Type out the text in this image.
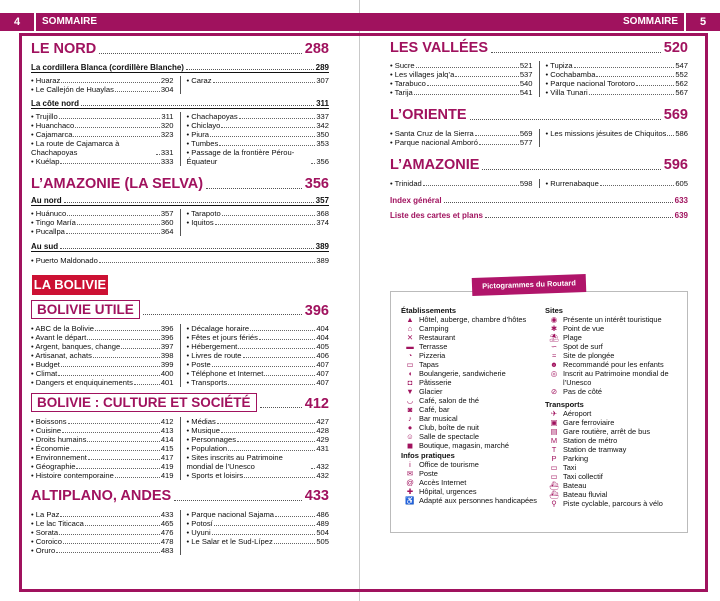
4	SOMMAIRE
LE NORD	288
La cordillera Blanca (cordillère Blanche)	289
• Huaraz	292
• Le Callejón de Huaylas	304
• Caraz	307
La côte nord	311
• Trujillo	311
• Huanchaco	320
• Cajamarca	323
• La route de Cajamarca à Chachapoyas	331
• Kuélap	333
• Chachapoyas	337
• Chiclayo	342
• Piura	350
• Tumbes	353
• Passage de la frontière Pérou-Équateur	356
L’AMAZONIE (LA SELVA)	356
Au nord	357
• Huánuco	357
• Tingo María	360
• Pucallpa	364
• Tarapoto	368
• Iquitos	374
Au sud	389
• Puerto Maldonado	389
LA BOLIVIE
BOLIVIE UTILE	396
• ABC de la Bolivie	396
• Avant le départ	396
• Argent, banques, change	397
• Artisanat, achats	398
• Budget	399
• Climat	400
• Dangers et enquiquinements	401
• Décalage horaire	404
• Fêtes et jours fériés	404
• Hébergement	405
• Livres de route	406
• Poste	407
• Téléphone et Internet	407
• Transports	407
BOLIVIE : CULTURE ET SOCIÉTÉ	412
• Boissons	412
• Cuisine	413
• Droits humains	414
• Économie	415
• Environnement	417
• Géographie	419
• Histoire contemporaine	419
• Médias	427
• Musique	428
• Personnages	429
• Population	431
• Sites inscrits au Patrimoine mondial de l’Unesco	432
• Sports et loisirs	432
ALTIPLANO, ANDES	433
• La Paz	433
• Le lac Titicaca	465
• Sorata	476
• Coroico	478
• Oruro	483
• Parque nacional Sajama	486
• Potosí	489
• Uyuni	504
• Le Salar et le Sud-Lípez	505
SOMMAIRE	5
LES VALLÉES	520
• Sucre	521
• Les villages jalq’a	537
• Tarabuco	540
• Tarija	541
• Tupiza	547
• Cochabamba	552
• Parque nacional Torotoro	562
• Villa Tunari	567
L’ORIENTE	569
• Santa Cruz de la Sierra	569
• Parque nacional Amboró	577
• Les missions jésuites de Chiquitos 586
L’AMAZONIE	596
• Trinidad	598 • Rurrenabaque	605
Index général	633
Liste des cartes et plans	639
Établissements
▲ Hôtel, auberge, chambre d’hôtes
⌂ Camping
✕ Restaurant
▬ Terrasse
◔ Pizzeria
▭ Tapas
◖ Boulangerie, sandwicherie
◘ Pâtisserie
▼ Glacier
◡ Café, salon de thé
◙ Café, bar
♪ Bar musical
● Club, boîte de nuit
☺ Salle de spectacle
◼ Boutique, magasin, marché
Infos pratiques
i	Office de tourisme
✉ Poste
@ Accès Internet
✚ Hôpital, urgences
♿ Adapté aux personnes handicapées
Sites
◉ Présente un intérêt touristique
✱ Point de vue
⛱ Plage
∽ Spot de surf
≈ Site de plongée
☻ Recommandé pour les enfants
◎ Inscrit au Patrimoine mondial de l’Unesco
⊘ Pas de côté
Transports
✈ Aéroport
▣ Gare ferroviaire
▤ Gare routière, arrêt de bus
M Station de métro
T Station de tramway
P Parking
▭ Taxi
▭ Taxi collectif
⛴ Bateau
⛴ Bateau fluvial
⚲ Piste cyclable, parcours à vélo
Pictogrammes du Routard
